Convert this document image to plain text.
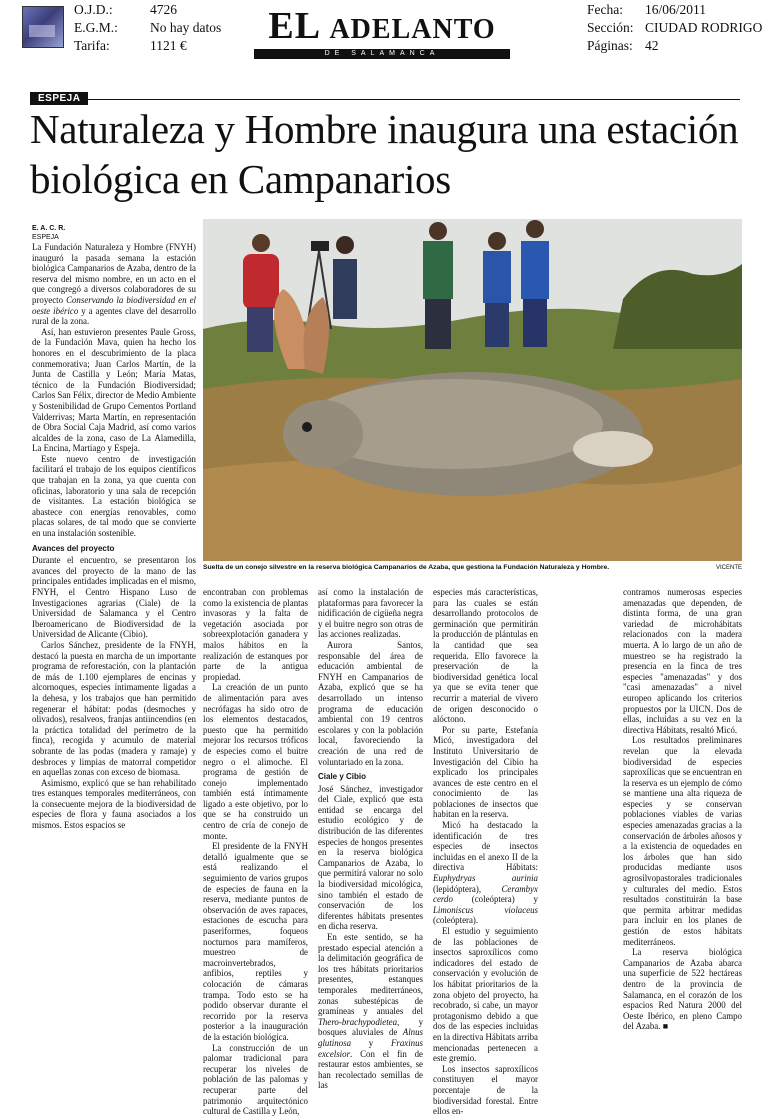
O.J.D.:	4726
E.G.M.: No hay datos
Tarifa:	1121 €	EL ADELANTO
DE SALAMANCA
Fecha: 16/06/2011
Sección: CIUDAD RODRIGO
Páginas: 42
ESPEJA
Naturaleza y Hombre inaugura una estación biológica en Campanarios
E. A. C. R.
ESPEJA

La Fundación Naturaleza y Hombre (FNYH) inauguró la pasada semana la estación biológica Campanarios de Azaba, dentro de la reserva del mismo nombre, en un acto en el que congregó a diversos colaboradores de su proyecto Conservando la biodiversidad en el oeste ibérico y a agentes clave del desarrollo rural de la zona.

Así, han estuvieron presentes Paule Gross, de la Fundación Mava, quien ha hecho los honores en el descubrimiento de la placa conmemorativa; Juan Carlos Martín, de la Junta de Castilla y León; María Matas, técnico de la Fundación Biodiversidad; Carlos San Félix, director de Medio Ambiente y Sostenibilidad de Grupo Cementos Portland Valderrivas; Marta Martín, en representación de Obra Social Caja Madrid, así como varios alcaldes de la zona, caso de La Alamedilla, La Encina, Martiago y Espeja.

Este nuevo centro de investigación facilitará el trabajo de los equipos científicos que trabajan en la zona, ya que cuenta con oficinas, laboratorio y una sala de recepción de visitantes. La estación biológica se abastece con energías renovables, como placas solares, de tal modo que se convierte en una instalación sostenible.

Avances del proyecto

Durante el encuentro, se presentaron los avances del proyecto de la mano de las principales entidades implicadas en el mismo, FNYH, el Centro Hispano Luso de Investigaciones agrarias (Ciale) de la Universidad de Salamanca y el Centro Iberoamericano de Biodiversidad de la Universidad de Alicante (Cibio).

Carlos Sánchez, presidente de la FNYH, destacó la puesta en marcha de un importante programa de reforestación, con la plantación de más de 1.100 ejemplares de encinas y alcornoques, especies íntimamente ligadas a la dehesa, y los trabajos que han permitido regenerar el hábitat: podas (desmoches y olivados), resalveos, franjas antiincendios (en la práctica totalidad del perímetro de la finca), recogida y acumulo de material sobrante de las podas (madera y ramaje) y desbroces y limpias de matorral competidor en aquellas zonas con exceso de biomasa.

Asimismo, explicó que se han rehabilitado tres estanques temporales mediterráneos, con la consecuente mejora de la biodiversidad de especies de flora y fauna asociados a los mismos. Estos espacios se

Suelta de un conejo silvestre en la reserva biológica Campanarios de Azaba, que gestiona la Fundación Naturaleza y Hombre.	VICENTE

encontraban con problemas como la existencia de plantas invasoras y la falta de vegetación asociada por sobreexplotación ganadera y malos hábitos en la realización de estanques por parte de la antigua propiedad.

La creación de un punto de alimentación para aves necrófagas ha sido otro de los elementos destacados, puesto que ha permitido mejorar los recursos tróficos de especies como el buitre negro o el alimoche. El programa de gestión de conejo implementado también está íntimamente ligado a este objetivo, por lo que se ha construido un centro de cría de conejo de monte.

El presidente de la FNYH detalló igualmente que se está realizando el seguimiento de varios grupos de especies de fauna en la reserva, mediante puntos de observación de aves rapaces, estaciones de escucha para paseriformes, foqueos nocturnos para mamíferos, muestreo de macroinvertebrados, anfibios, reptiles y colocación de cámaras trampa. Todo esto se ha podido observar durante el recorrido por la reserva posterior a la inauguración de la estación biológica.

La construcción de un palomar tradicional para recuperar los niveles de población de las palomas y recuperar parte del patrimonio arquitectónico cultural de Castilla y León,

así como la instalación de plataformas para favorecer la nidificación de cigüeña negra y el buitre negro son otras de las acciones realizadas.

Aurora Santos, responsable del área de educación ambiental de FNYH en Campanarios de Azaba, explicó que se ha desarrollado un intenso programa de educación ambiental con 19 centros escolares y con la población local, favoreciendo la creación de una red de voluntariado en la zona.

Ciale y Cibio

José Sánchez, investigador del Ciale, explicó que esta entidad se encarga del estudio ecológico y de distribución de las diferentes especies de hongos presentes en la reserva biológica Campanarios de Azaba, lo que permitirá valorar no solo la biodiversidad micológica, sino también el estado de conservación de los diferentes hábitats presentes en dicha reserva.

En este sentido, se ha prestado especial atención a la delimitación geográfica de los tres hábitats prioritarios presentes, estanques temporales mediterráneos, zonas subestépicas de gramíneas y anuales del Thero-brachypodietea, y bosques aluviales de Alnus glutinosa y Fraxinus excelsior. Con el fin de restaurar estos ambientes, se han recolectado semillas de las

especies más características, para las cuales se están desarrollando protocolos de germinación que permitirán la producción de plántulas en la cantidad que sea requerida. Ello favorece la preservación de la biodiversidad genética local ya que se evita tener que recurrir a material de vivero de origen desconocido o alóctono.

Por su parte, Estefanía Micó, investigadora del Instituto Universitario de Investigación del Cibio ha explicado los principales avances de este centro en el conocimiento de las poblaciones de insectos que habitan en la reserva.

Micó ha destacado la identificación de tres especies de insectos incluidas en el anexo II de la directiva Hábitats: Euphydryas aurinia (lepidóptera), Cerambyx cerdo (coleóptera) y Limoniscus violaceus (coleóptera).

El estudio y seguimiento de las poblaciones de insectos saproxílicos como indicadores del estado de conservación y evolución de los hábitat prioritarios de la zona objeto del proyecto, ha recobrado, si cabe, un mayor protagonismo debido a que dos de las especies incluidas en la directiva Hábitats arriba mencionadas pertenecen a este gremio.

Los insectos saproxílicos constituyen el mayor porcentaje de la biodiversidad forestal. Entre ellos en-

contramos numerosas especies amenazadas que dependen, de distinta forma, de una gran variedad de microhábitats relacionados con la madera muerta. A lo largo de un año de muestreo se ha registrado la presencia en la finca de tres especies "amenazadas" y dos "casi amenazadas" a nivel europeo aplicando los criterios propuestos por la UICN. Dos de ellas, incluidas a su vez en la directiva Hábitats, resaltó Micó.

Los resultados preliminares revelan que la elevada biodiversidad de especies saproxílicas que se encuentran en la reserva es un ejemplo de cómo se mantiene una alta riqueza de especies y se conservan poblaciones viables de varias especies amenazadas gracias a la conservación de árboles añosos y a la existencia de oquedades en los árboles que han sido producidas mediante usos agrosilvopastorales tradicionales y culturales del medio. Estos resultados constituirán la base que permita arbitrar medidas para incluir en los planes de gestión de estos hábitats mediterráneos.

La reserva biológica Campanarios de Azaba abarca una superficie de 522 hectáreas dentro de la provincia de Salamanca, en el corazón de los espacios Red Natura 2000 del Oeste Ibérico, en pleno Campo del Azaba. ■
